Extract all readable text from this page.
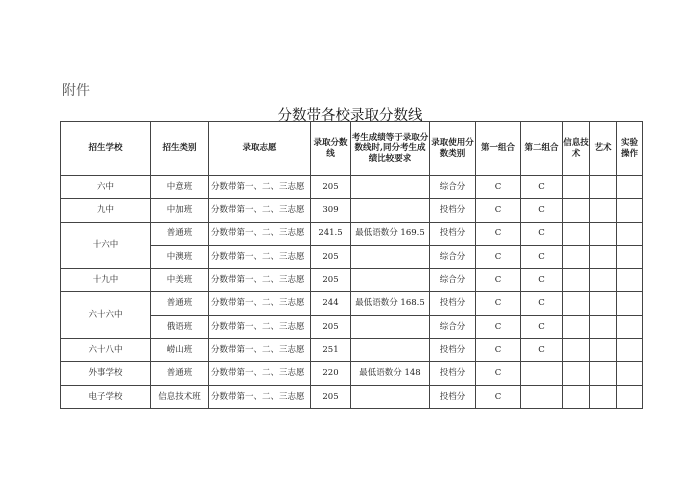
附件
分数带各校录取分数线
招生学校	招生类别	录取志愿	录取分数线	考生成绩等于录取分数线时,同分考生成绩比较要求	录取使用分数类别	第一组合	第二组合	信息技术	艺术	实验操作
六中	中意班	分数带第一、二、三志愿	205		综合分	C	C			
九中	中加班	分数带第一、二、三志愿	309		投档分	C	C			
十六中	普通班	分数带第一、二、三志愿	241.5	最低语数分 169.5	投档分	C	C			
	中澳班	分数带第一、二、三志愿	205		综合分	C	C			
十九中	中美班	分数带第一、二、三志愿	205		综合分	C	C			
六十六中	普通班	分数带第一、二、三志愿	244	最低语数分 168.5	投档分	C	C			
	俄语班	分数带第一、二、三志愿	205		综合分	C	C			
六十八中	崂山班	分数带第一、二、三志愿	251		投档分	C	C			
外事学校	普通班	分数带第一、二、三志愿	220	最低语数分 148	投档分	C				
电子学校	信息技术班	分数带第一、二、三志愿	205		投档分	C				
